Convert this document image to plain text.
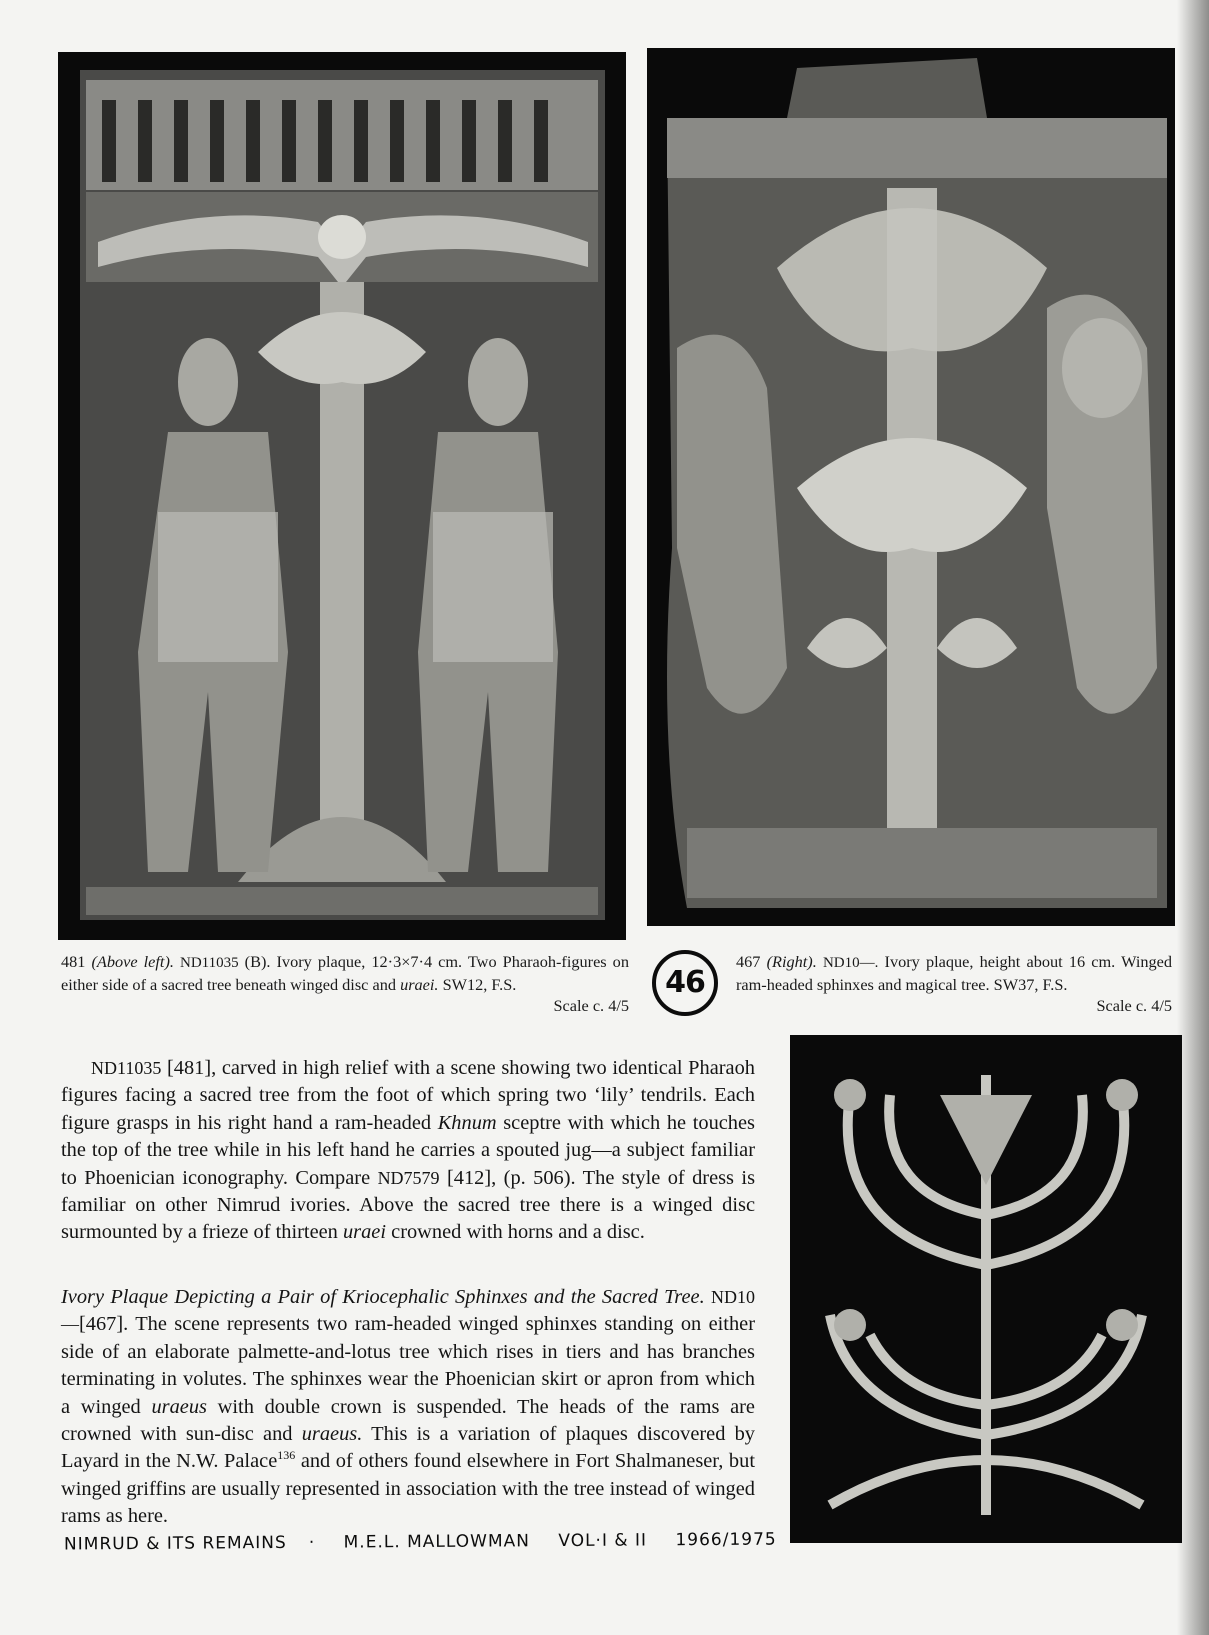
481 (Above left). ND11035 (B). Ivory plaque, 12·3×7·4 cm. Two Pharaoh-figures on either side of a sacred tree beneath winged disc and uraei. SW12, F.S.
Scale c. 4/5
46
467 (Right). ND10—. Ivory plaque, height about 16 cm. Winged ram-headed sphinxes and magical tree. SW37, F.S.
Scale c. 4/5

ND11035 [481], carved in high relief with a scene showing two identical Pharaoh figures facing a sacred tree from the foot of which spring two ‘lily’ tendrils. Each figure grasps in his right hand a ram-headed Khnum sceptre with which he touches the top of the tree while in his left hand he carries a spouted jug—a subject familiar to Phoenician iconography. Compare ND7579 [412], (p. 506). The style of dress is familiar on other Nimrud ivories. Above the sacred tree there is a winged disc surmounted by a frieze of thirteen uraei crowned with horns and a disc.

Ivory Plaque Depicting a Pair of Kriocephalic Sphinxes and the Sacred Tree. ND10—[467]. The scene represents two ram-headed winged sphinxes standing on either side of an elaborate palmette-and-lotus tree which rises in tiers and has branches terminating in volutes. The sphinxes wear the Phoenician skirt or apron from which a winged uraeus with double crown is suspended. The heads of the rams are crowned with sun-disc and uraeus. This is a variation of plaques discovered by Layard in the N.W. Palace$^{136}$ and of others found elsewhere in Fort Shalmaneser, but winged griffins are usually represented in association with the tree instead of winged rams as here.

NIMRUD & ITS REMAINS · M.E.L. MALLOWMAN VOL·I & II 1966/1975
